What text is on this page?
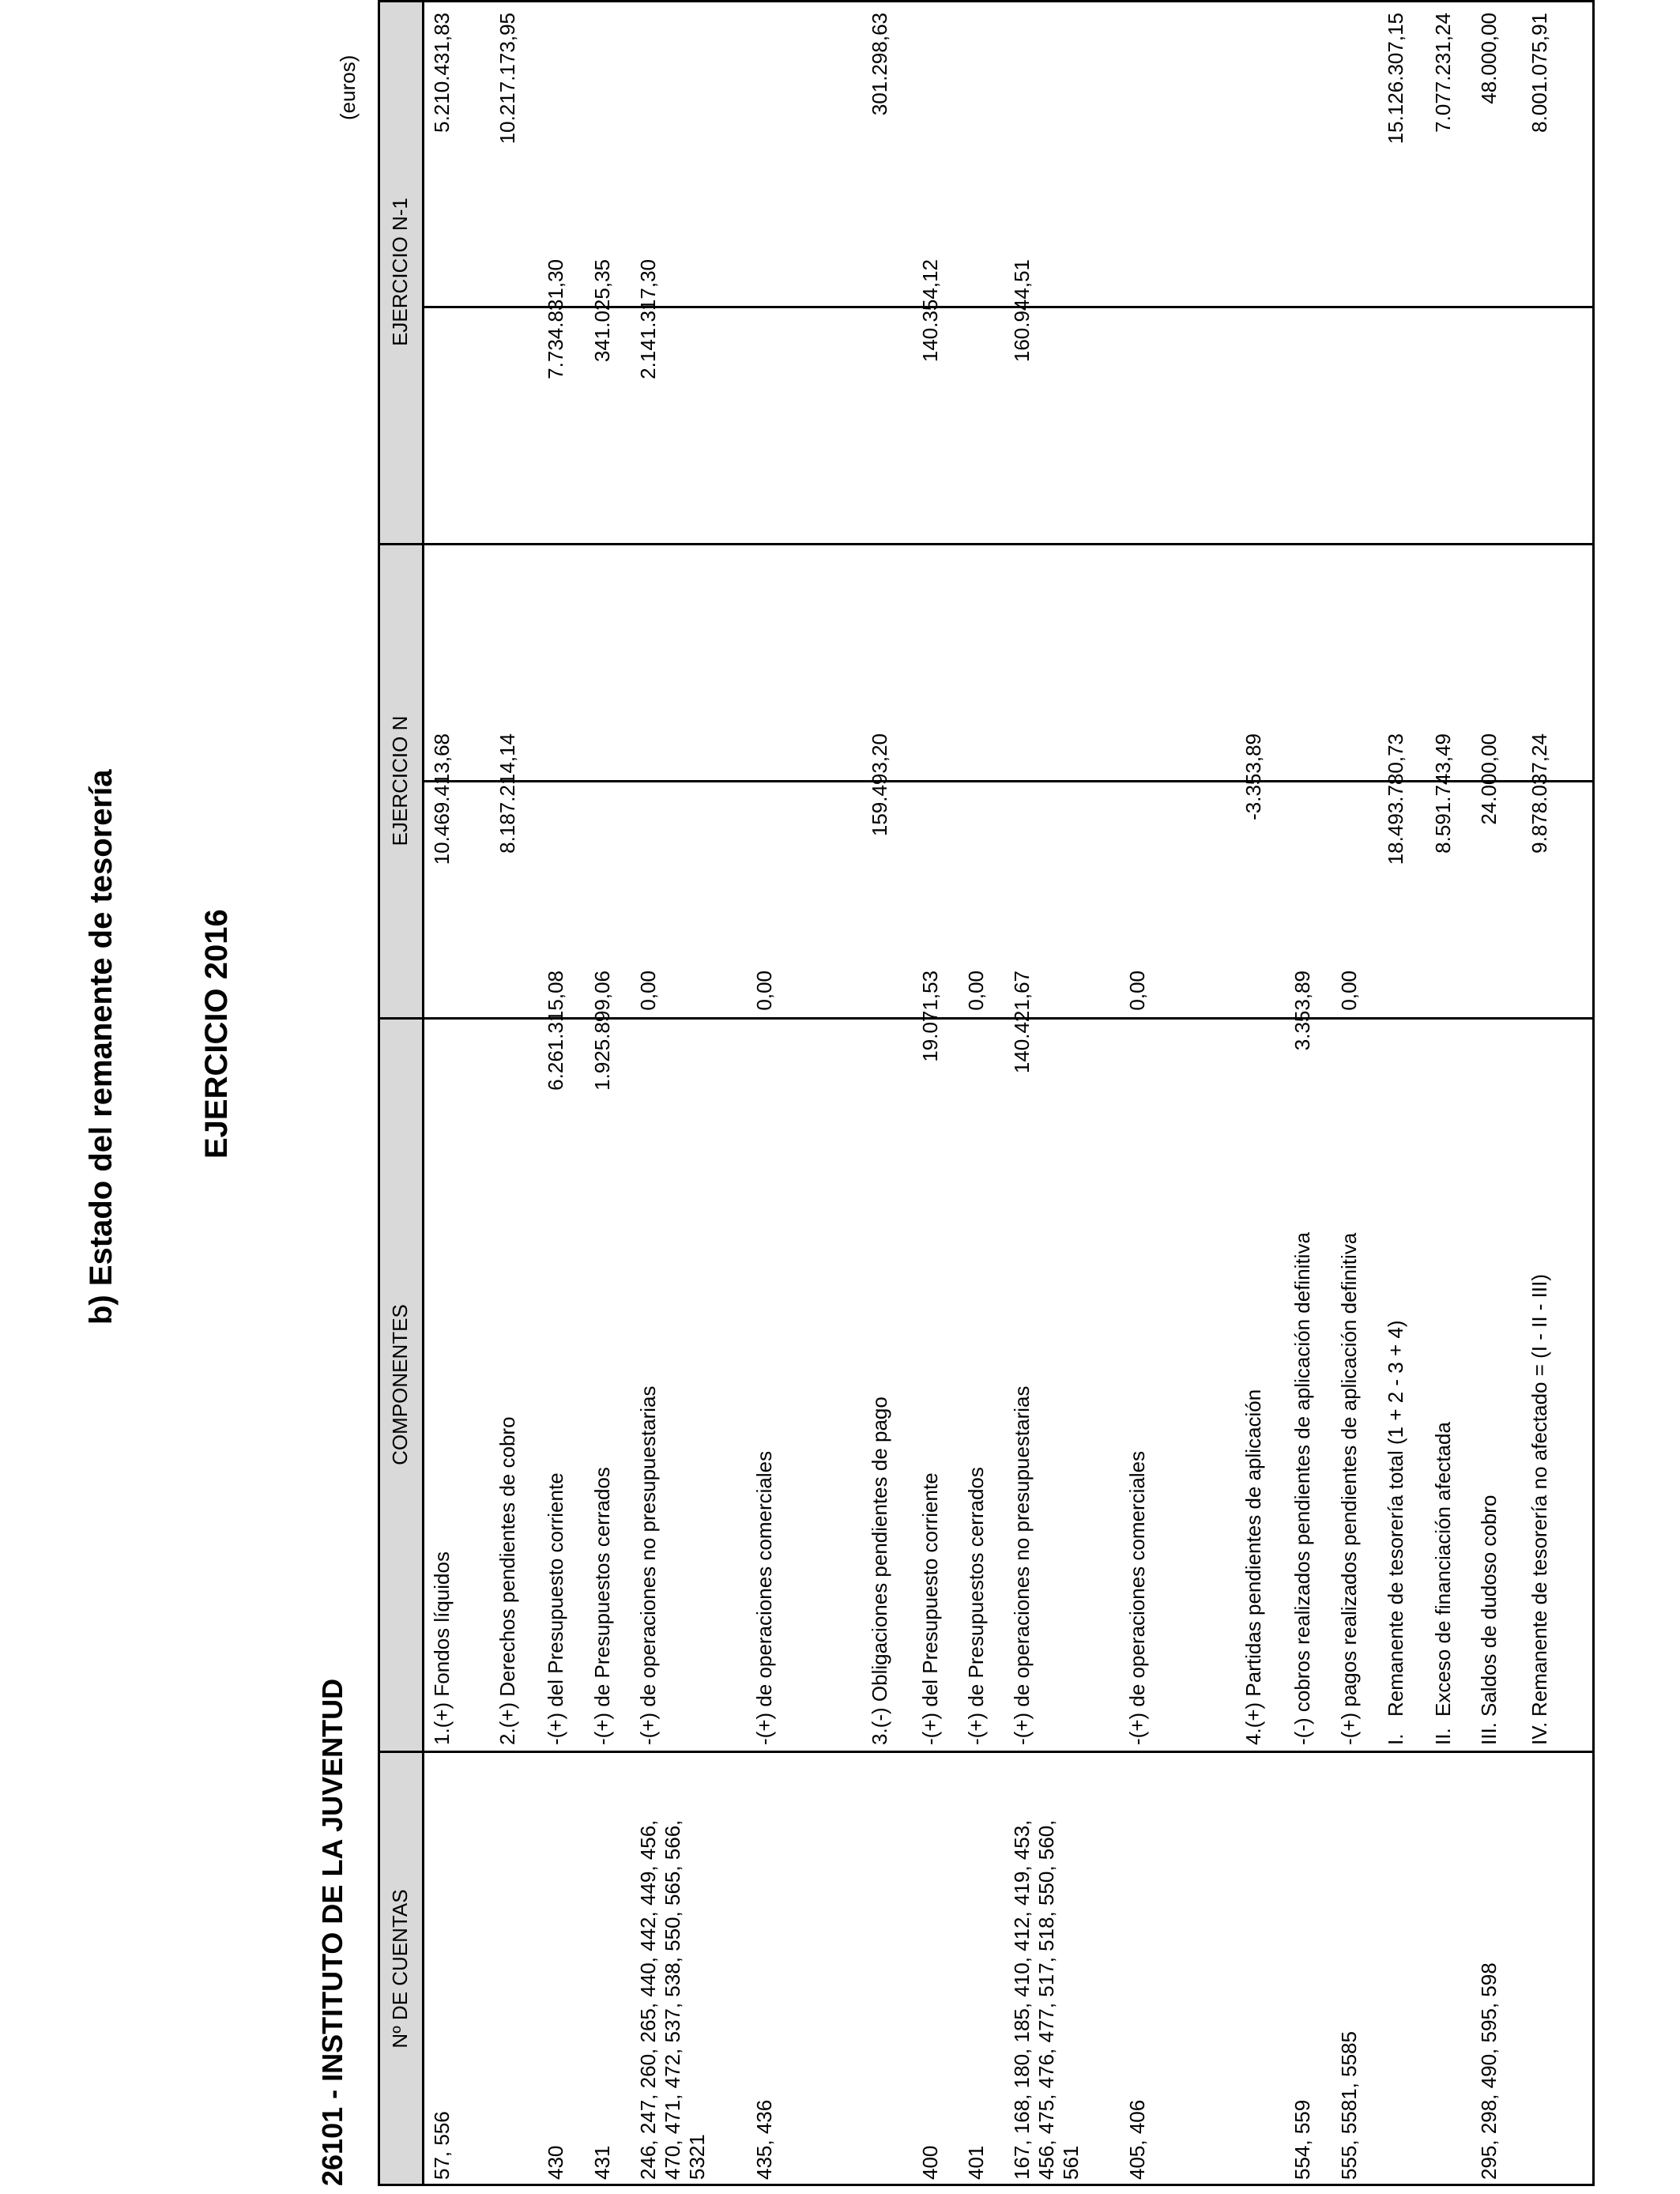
b) Estado del remanente de tesorería	EJERCICIO 2016
26101 - INSTITUTO DE LA JUVENTUD
(euros)
Nº DE CUENTAS
COMPONENTES
EJERCICIO N
EJERCICIO N-1
57, 556
1.(+) Fondos líquidos
10.469.413,68
5.210.431,83
2.(+) Derechos pendientes de cobro
8.187.214,14
10.217.173,95
430
-(+) del Presupuesto corriente
6.261.315,08
7.734.831,30
431
-(+) de Presupuestos cerrados
1.925.899,06
341.025,35
246, 247, 260, 265, 440, 442, 449, 456, 470, 471, 472, 537, 538, 550, 565, 566, 5321
-(+) de operaciones no presupuestarias
0,00
2.141.317,30
435, 436
-(+) de operaciones comerciales
0,00
3.(-) Obligaciones pendientes de pago
159.493,20
301.298,63
400
-(+) del Presupuesto corriente
19.071,53
140.354,12
401
-(+) de Presupuestos cerrados
0,00
167, 168, 180, 185, 410, 412, 419, 453, 456, 475, 476, 477, 517, 518, 550, 560, 561
-(+) de operaciones no presupuestarias
140.421,67
160.944,51
405, 406
-(+) de operaciones comerciales
0,00
4.(+) Partidas pendientes de aplicación
-3.353,89
554, 559
-(-) cobros realizados pendientes de aplicación definitiva
3.353,89
555, 5581, 5585
-(+) pagos realizados pendientes de aplicación definitiva
0,00
I.Remanente de tesorería total (1 + 2 - 3 + 4)
18.493.780,73
15.126.307,15
II.Exceso de financiación afectada
8.591.743,49
7.077.231,24
295, 298, 490, 595, 598
III.Saldos de dudoso cobro
24.000,00
48.000,00
IV.Remanente de tesorería no afectado = (I - II - III)
9.878.037,24
8.001.075,91
